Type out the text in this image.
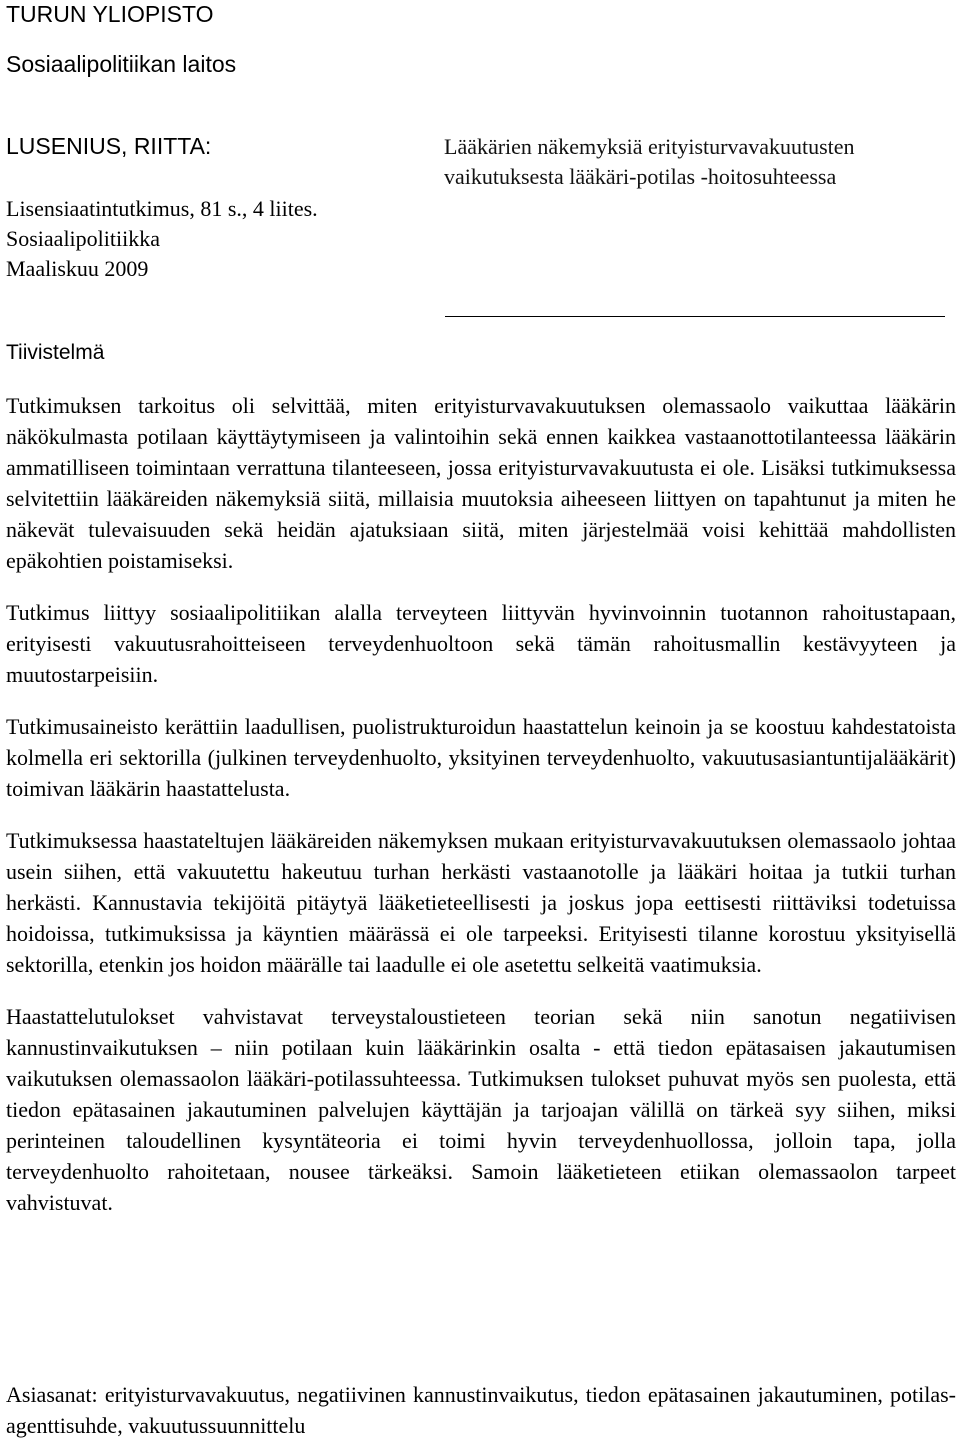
TURUN YLIOPISTO
Sosiaalipolitiikan laitos
LUSENIUS, RIITTA:
Lisensiaatintutkimus, 81 s., 4 liites.
Sosiaalipolitiikka
Maaliskuu 2009
Lääkärien näkemyksiä erityisturvavakuutusten
vaikutuksesta lääkäri-potilas -hoitosuhteessa
Tiivistelmä

Tutkimuksen tarkoitus oli selvittää, miten erityisturvavakuutuksen olemassaolo vaikuttaa lääkärin näkökulmasta potilaan käyttäytymiseen ja valintoihin sekä ennen kaikkea vastaanottotilanteessa lääkärin ammatilliseen toimintaan verrattuna tilanteeseen, jossa erityisturvavakuutusta ei ole. Lisäksi tutkimuksessa selvitettiin lääkäreiden näkemyksiä siitä, millaisia muutoksia aiheeseen liittyen on tapahtunut ja miten he näkevät tulevaisuuden sekä heidän ajatuksiaan siitä, miten järjestelmää voisi kehittää mahdollisten epäkohtien poistamiseksi.

Tutkimus liittyy sosiaalipolitiikan alalla terveyteen liittyvän hyvinvoinnin tuotannon rahoitustapaan, erityisesti vakuutusrahoitteiseen terveydenhuoltoon sekä tämän rahoitusmallin kestävyyteen ja muutostarpeisiin.

Tutkimusaineisto kerättiin laadullisen, puolistrukturoidun haastattelun keinoin ja se koostuu kahdestatoista kolmella eri sektorilla (julkinen terveydenhuolto, yksityinen terveydenhuolto, vakuutusasiantuntijalääkärit) toimivan lääkärin haastattelusta.

Tutkimuksessa haastateltujen lääkäreiden näkemyksen mukaan erityisturvavakuutuksen olemassaolo johtaa usein siihen, että vakuutettu hakeutuu turhan herkästi vastaanotolle ja lääkäri hoitaa ja tutkii turhan herkästi. Kannustavia tekijöitä pitäytyä lääketieteellisesti ja joskus jopa eettisesti riittäviksi todetuissa hoidoissa, tutkimuksissa ja käyntien määrässä ei ole tarpeeksi. Erityisesti tilanne korostuu yksityisellä sektorilla, etenkin jos hoidon määrälle tai laadulle ei ole asetettu selkeitä vaatimuksia.

Haastattelutulokset vahvistavat terveystaloustieteen teorian sekä niin sanotun negatiivisen kannustinvaikutuksen – niin potilaan kuin lääkärinkin osalta - että tiedon epätasaisen jakautumisen vaikutuksen olemassaolon lääkäri-potilassuhteessa. Tutkimuksen tulokset puhuvat myös sen puolesta, että tiedon epätasainen jakautuminen palvelujen käyttäjän ja tarjoajan välillä on tärkeä syy siihen, miksi perinteinen taloudellinen kysyntäteoria ei toimi hyvin terveydenhuollossa, jolloin tapa, jolla terveydenhuolto rahoitetaan, nousee tärkeäksi. Samoin lääketieteen etiikan olemassaolon tarpeet vahvistuvat.

Asiasanat: erityisturvavakuutus, negatiivinen kannustinvaikutus, tiedon epätasainen jakautuminen, potilas-agenttisuhde, vakuutussuunnittelu
